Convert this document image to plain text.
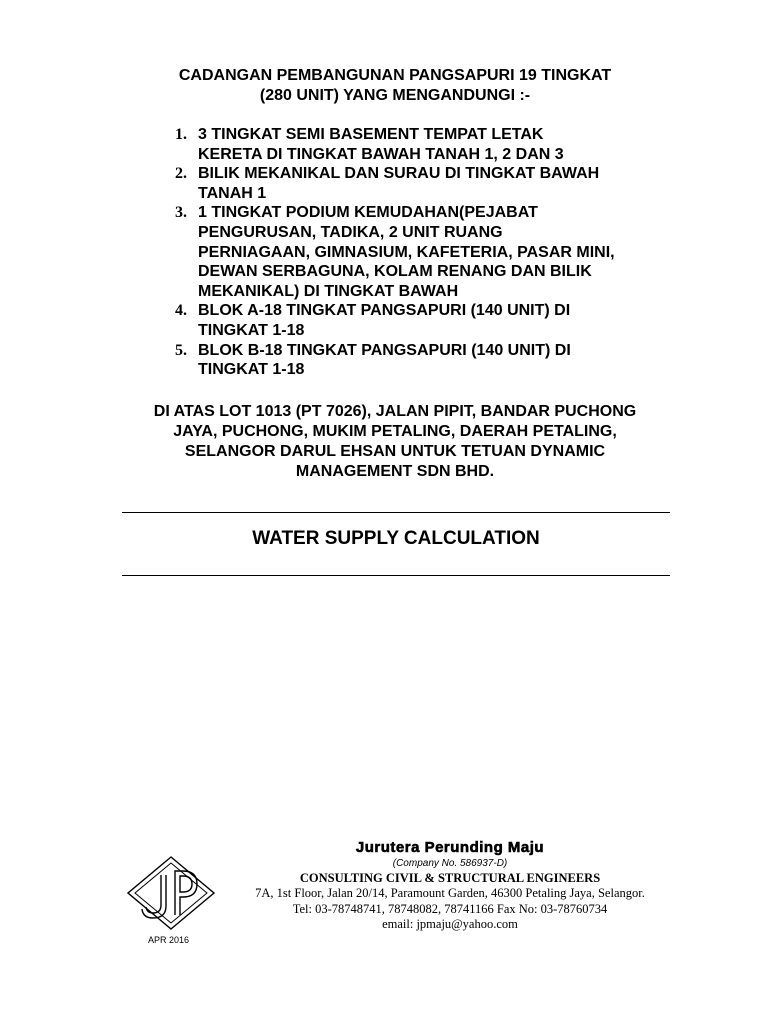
CADANGAN PEMBANGUNAN PANGSAPURI 19 TINGKAT
(280 UNIT) YANG MENGANDUNGI :-
1. 3 TINGKAT SEMI BASEMENT TEMPAT LETAK
KERETA DI TINGKAT BAWAH TANAH 1, 2 DAN 3
2. BILIK MEKANIKAL DAN SURAU DI TINGKAT BAWAH
TANAH 1
3. 1 TINGKAT PODIUM KEMUDAHAN(PEJABAT
PENGURUSAN, TADIKA, 2 UNIT RUANG
PERNIAGAAN, GIMNASIUM, KAFETERIA, PASAR MINI,
DEWAN SERBAGUNA, KOLAM RENANG DAN BILIK
MEKANIKAL) DI TINGKAT BAWAH
4. BLOK A-18 TINGKAT PANGSAPURI (140 UNIT) DI
TINGKAT 1-18
5. BLOK B-18 TINGKAT PANGSAPURI (140 UNIT) DI
TINGKAT 1-18
DI ATAS LOT 1013 (PT 7026), JALAN PIPIT, BANDAR PUCHONG
JAYA, PUCHONG, MUKIM PETALING, DAERAH PETALING,
SELANGOR DARUL EHSAN UNTUK TETUAN DYNAMIC
MANAGEMENT SDN BHD.
WATER SUPPLY CALCULATION
APR 2016
Jurutera Perunding Maju
(Company No. 586937-D)
CONSULTING CIVIL & STRUCTURAL ENGINEERS
7A, 1st Floor, Jalan 20/14, Paramount Garden, 46300 Petaling Jaya, Selangor.
Tel: 03-78748741, 78748082, 78741166 Fax No: 03-78760734
email: jpmaju@yahoo.com
